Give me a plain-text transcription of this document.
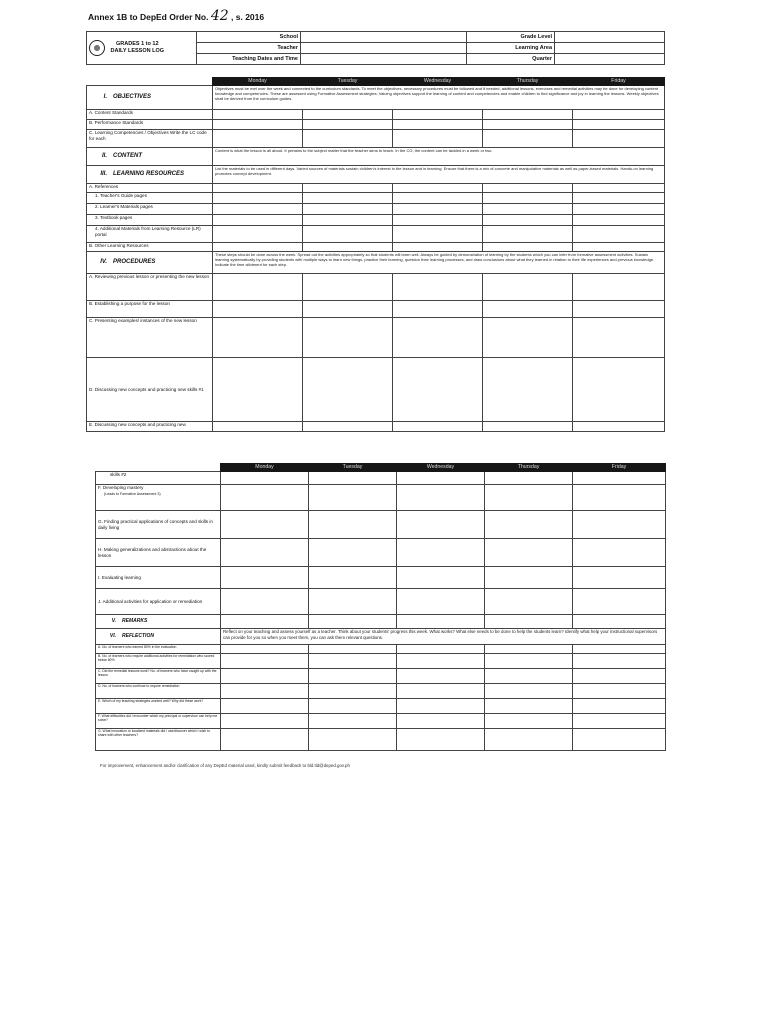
Annex 1B to DepEd Order No. 42 , s. 2016
GRADES 1 to 12
DAILY LESSON LOG	School		Grade Level	
	Teacher		Learning Area	
	Teaching Dates and Time		Quarter	
	Monday	Tuesday	Wednesday	Thursday	Friday
I. OBJECTIVES	Objectives must be met over the week and connected to the curriculum standards. To meet the objectives, necessary procedures must be followed and if needed, additional lessons, exercises and remedial activities may be done for developing content knowledge and competencies. These are assessed using Formative Assessment strategies. Valuing objectives support the learning of content and competencies and enable children to find significance and joy in learning the lessons. Weekly objectives shall be derived from the curriculum guides.				
A. Content Standards					
B. Performance Standards					
C. Learning Competencies / Objectives Write the LC code for each					
II. CONTENT	Content is what the lesson is all about. It pertains to the subject matter that the teacher aims to teach. In the CG, the content can be tackled in a week or two.				
III. LEARNING RESOURCES	List the materials to be used in different days. Varied sources of materials sustain children's interest in the lesson and in learning. Ensure that there is a mix of concrete and manipulative materials as well as paper-based materials. Hands-on learning promotes concept development.				
A. References					
1. Teacher's Guide pages					
2. Learner's Materials pages					
3. Textbook pages					
4. Additional Materials from Learning Resource (LR) portal					
B. Other Learning Resources					
IV. PROCEDURES	These steps should be done across the week. Spread out the activities appropriately so that students will learn well. Always be guided by demonstration of learning by the students which you can infer from formative assessment activities. Sustain learning systematically by providing students with multiple ways to learn new things, practice their learning, question their learning processes, and draw conclusions about what they learned in relation to their life experiences and previous knowledge. Indicate the time allotment for each step.				
A. Reviewing previous lesson or presenting the new lesson					
B. Establishing a purpose for the lesson					
C. Presenting examples/ instances of the new lesson					
D. Discussing new concepts and practicing new skills #1					
E. Discussing new concepts and practicing new					
	Monday	Tuesday	Wednesday	Thursday	Friday
skills #2					
F. Developing mastery
(Leads to Formative Assessment 3)					
G. Finding practical applications of concepts and skills in daily living					
H. Making generalizations and abstractions about the lesson					
I. Evaluating learning					
J. Additional activities for application or remediation					
V. REMARKS					
VI. REFLECTION	Reflect on your teaching and assess yourself as a teacher. Think about your students' progress this week. What works? What else needs to be done to help the students learn? Identify what help your instructional supervisors can provide for you so when you meet them, you can ask them relevant questions.				
A. No. of learners who earned 80% in the evaluation					
B. No. of learners who require additional activities for remediation who scored below 80%					
C. Did the remedial lessons work? No. of learners who have caught up with the lesson					
D. No. of learners who continue to require remediation					
E. Which of my teaching strategies worked well? Why did these work?					
F. What difficulties did I encounter which my principal or supervisor can help me solve?					
G. What innovation or localized materials did I use/discover which I wish to share with other teachers?					
For improvement, enhancement and/or clarification of any DepEd material used, kindly submit feedback to bld.tld@deped.gov.ph
